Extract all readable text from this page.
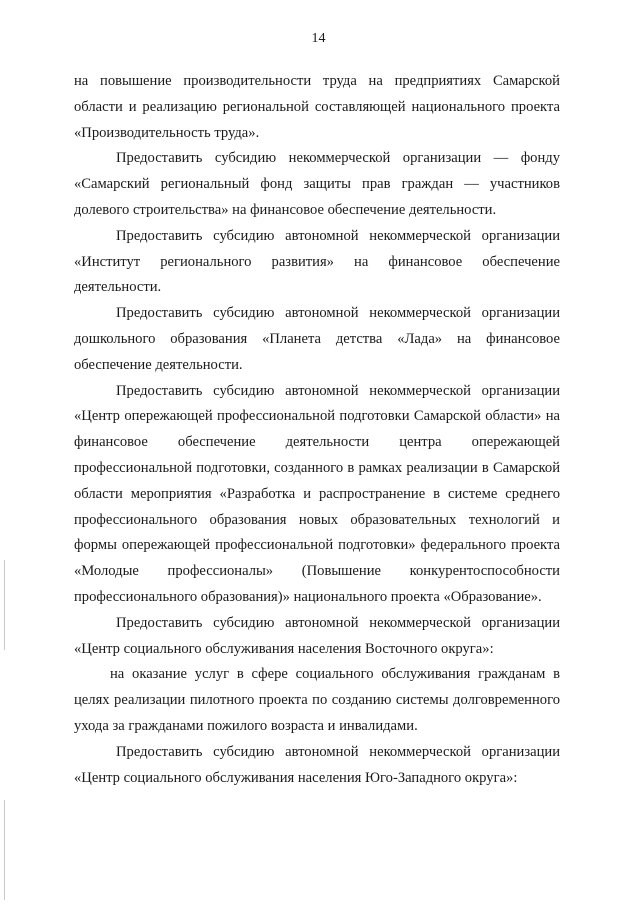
14

на повышение производительности труда на предприятиях Самарской области и реализацию региональной составляющей национального проекта «Производительность труда».

Предоставить субсидию некоммерческой организации — фонду «Самарский региональный фонд защиты прав граждан — участников долевого строительства» на финансовое обеспечение деятельности.

Предоставить субсидию автономной некоммерческой организации «Институт регионального развития» на финансовое обеспечение деятельности.

Предоставить субсидию автономной некоммерческой организации дошкольного образования «Планета детства «Лада» на финансовое обеспечение деятельности.

Предоставить субсидию автономной некоммерческой организации «Центр опережающей профессиональной подготовки Самарской области» на финансовое обеспечение деятельности центра опережающей профессиональной подготовки, созданного в рамках реализации в Самарской области мероприятия «Разработка и распространение в системе среднего профессионального образования новых образовательных технологий и формы опережающей профессиональной подготовки» федерального проекта «Молодые профессионалы» (Повышение конкурентоспособности профессионального образования)» национального проекта «Образование».

Предоставить субсидию автономной некоммерческой организации «Центр социального обслуживания населения Восточного округа»:

на оказание услуг в сфере социального обслуживания гражданам в целях реализации пилотного проекта по созданию системы долговременного ухода за гражданами пожилого возраста и инвалидами.

Предоставить субсидию автономной некоммерческой организации «Центр социального обслуживания населения Юго-Западного округа»:
